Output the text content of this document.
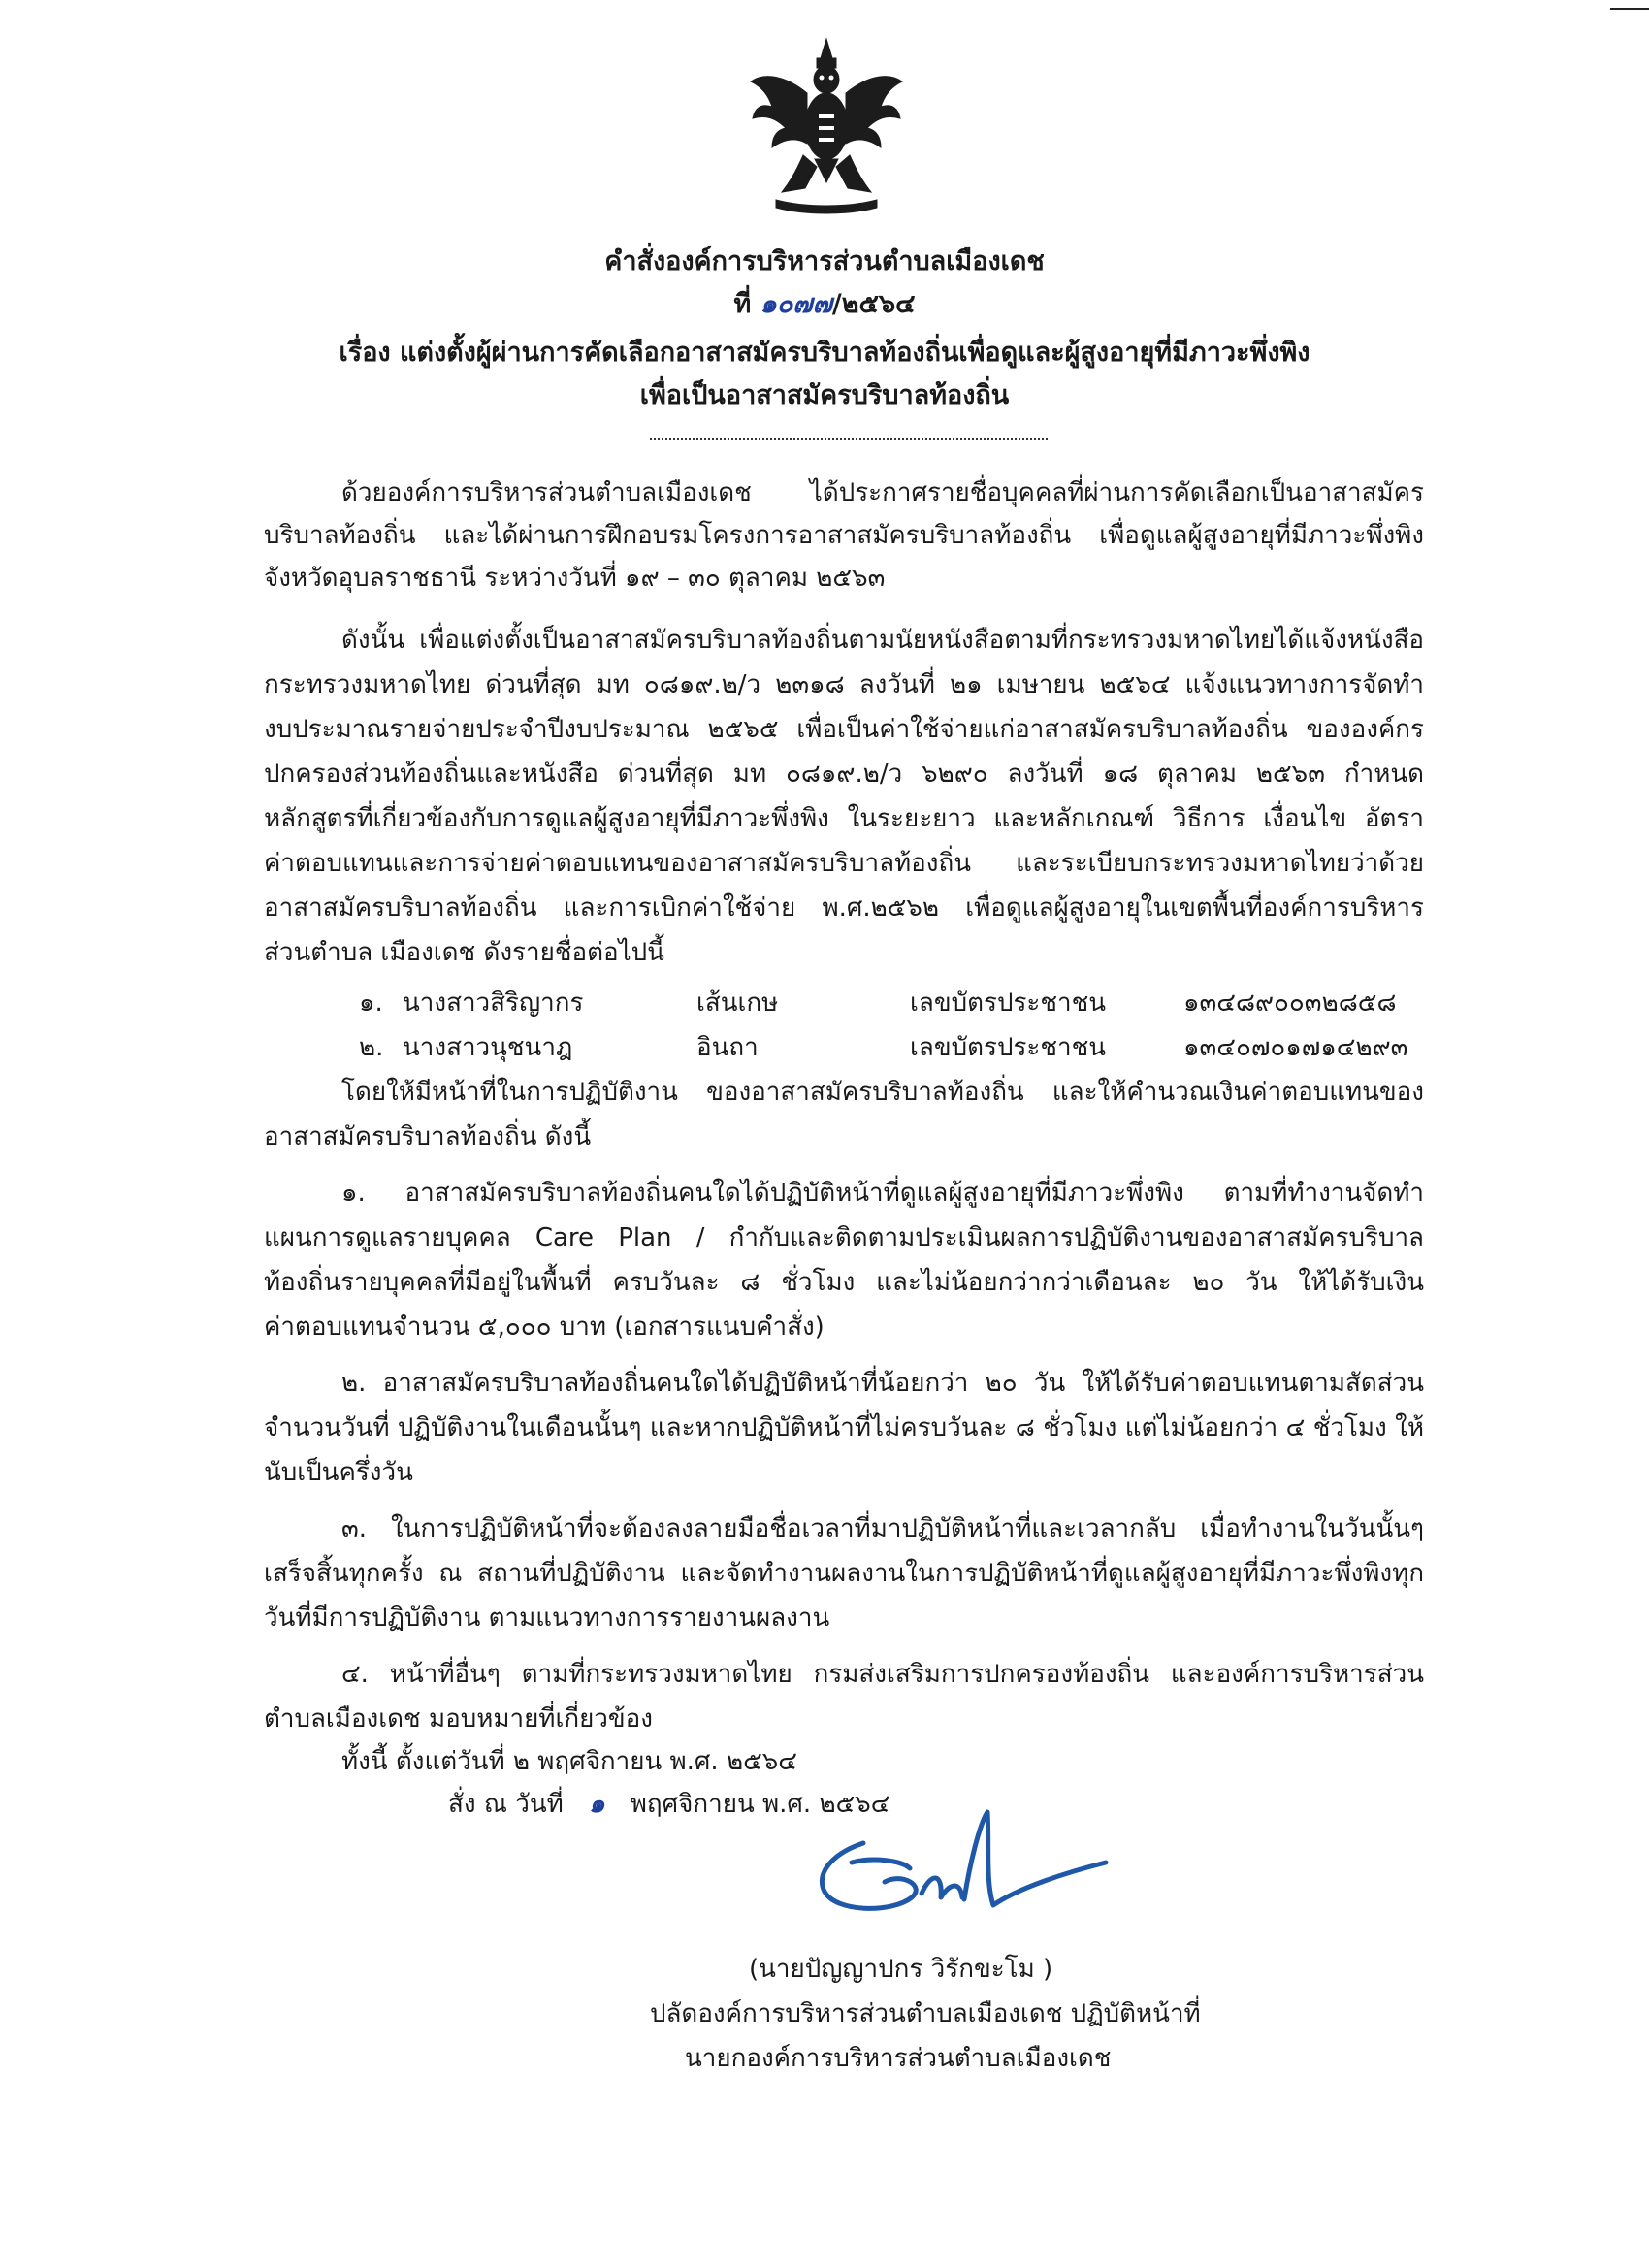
คำสั่งองค์การบริหารส่วนตำบลเมืองเดช
ที่ ๑๐๗๗/๒๕๖๔
เรื่อง แต่งตั้งผู้ผ่านการคัดเลือกอาสาสมัครบริบาลท้องถิ่นเพื่อดูและผู้สูงอายุที่มีภาวะพึ่งพิง
เพื่อเป็นอาสาสมัครบริบาลท้องถิ่น
ด้วยองค์การบริหารส่วนตำบลเมืองเดช ได้ประกาศรายชื่อบุคคลที่ผ่านการคัดเลือกเป็นอาสาสมัคร
บริบาลท้องถิ่น และได้ผ่านการฝึกอบรมโครงการอาสาสมัครบริบาลท้องถิ่น เพื่อดูแลผู้สูงอายุที่มีภาวะพึ่งพิง
จังหวัดอุบลราชธานี ระหว่างวันที่ ๑๙ – ๓๐ ตุลาคม ๒๕๖๓
ดังนั้น เพื่อแต่งตั้งเป็นอาสาสมัครบริบาลท้องถิ่นตามนัยหนังสือตามที่กระทรวงมหาดไทยได้แจ้งหนังสือ
กระทรวงมหาดไทย ด่วนที่สุด มท ๐๘๑๙.๒/ว ๒๓๑๘ ลงวันที่ ๒๑ เมษายน ๒๕๖๔ แจ้งแนวทางการจัดทำ
งบประมาณรายจ่ายประจำปีงบประมาณ ๒๕๖๕ เพื่อเป็นค่าใช้จ่ายแก่อาสาสมัครบริบาลท้องถิ่น ขององค์กร
ปกครองส่วนท้องถิ่นและหนังสือ ด่วนที่สุด มท ๐๘๑๙.๒/ว ๖๒๙๐ ลงวันที่ ๑๘ ตุลาคม ๒๕๖๓ กำหนด
หลักสูตรที่เกี่ยวข้องกับการดูแลผู้สูงอายุที่มีภาวะพึ่งพิง ในระยะยาว และหลักเกณฑ์ วิธีการ เงื่อนไข อัตรา
ค่าตอบแทนและการจ่ายค่าตอบแทนของอาสาสมัครบริบาลท้องถิ่น และระเบียบกระทรวงมหาดไทยว่าด้วย
อาสาสมัครบริบาลท้องถิ่น และการเบิกค่าใช้จ่าย พ.ศ.๒๕๖๒ เพื่อดูแลผู้สูงอายุในเขตพื้นที่องค์การบริหาร
ส่วนตำบล เมืองเดช ดังรายชื่อต่อไปนี้
๑. นางสาวสิริญากร	เส้นเกษ	เลขบัตรประชาชน	๑๓๔๘๙๐๐๓๒๘๕๘
๒. นางสาวนุชนาฎ	อินถา	เลขบัตรประชาชน	๑๓๔๐๗๐๑๗๑๔๒๙๓
โดยให้มีหน้าที่ในการปฏิบัติงาน ของอาสาสมัครบริบาลท้องถิ่น และให้คำนวณเงินค่าตอบแทนของ
อาสาสมัครบริบาลท้องถิ่น ดังนี้
๑. อาสาสมัครบริบาลท้องถิ่นคนใดได้ปฏิบัติหน้าที่ดูแลผู้สูงอายุที่มีภาวะพึ่งพิง ตามที่ทำงานจัดทำ
แผนการดูแลรายบุคคล Care Plan / กำกับและติดตามประเมินผลการปฏิบัติงานของอาสาสมัครบริบาล
ท้องถิ่นรายบุคคลที่มีอยู่ในพื้นที่ ครบวันละ ๘ ชั่วโมง และไม่น้อยกว่ากว่าเดือนละ ๒๐ วัน ให้ได้รับเงิน
ค่าตอบแทนจำนวน ๕,๐๐๐ บาท (เอกสารแนบคำสั่ง)
๒. อาสาสมัครบริบาลท้องถิ่นคนใดได้ปฏิบัติหน้าที่น้อยกว่า ๒๐ วัน ให้ได้รับค่าตอบแทนตามสัดส่วน
จำนวนวันที่ ปฏิบัติงานในเดือนนั้นๆ และหากปฏิบัติหน้าที่ไม่ครบวันละ ๘ ชั่วโมง แต่ไม่น้อยกว่า ๔ ชั่วโมง ให้
นับเป็นครึ่งวัน
๓. ในการปฏิบัติหน้าที่จะต้องลงลายมือชื่อเวลาที่มาปฏิบัติหน้าที่และเวลากลับ เมื่อทำงานในวันนั้นๆ
เสร็จสิ้นทุกครั้ง ณ สถานที่ปฏิบัติงาน และจัดทำงานผลงานในการปฏิบัติหน้าที่ดูแลผู้สูงอายุที่มีภาวะพึ่งพิงทุก
วันที่มีการปฏิบัติงาน ตามแนวทางการรายงานผลงาน
๔. หน้าที่อื่นๆ ตามที่กระทรวงมหาดไทย กรมส่งเสริมการปกครองท้องถิ่น และองค์การบริหารส่วน
ตำบลเมืองเดช มอบหมายที่เกี่ยวข้อง
ทั้งนี้ ตั้งแต่วันที่ ๒ พฤศจิกายน พ.ศ. ๒๕๖๔
สั่ง ณ วันที่ ๑ พฤศจิกายน พ.ศ. ๒๕๖๔
(นายปัญญาปกร วิรักขะโม )
ปลัดองค์การบริหารส่วนตำบลเมืองเดช ปฏิบัติหน้าที่
นายกองค์การบริหารส่วนตำบลเมืองเดช
